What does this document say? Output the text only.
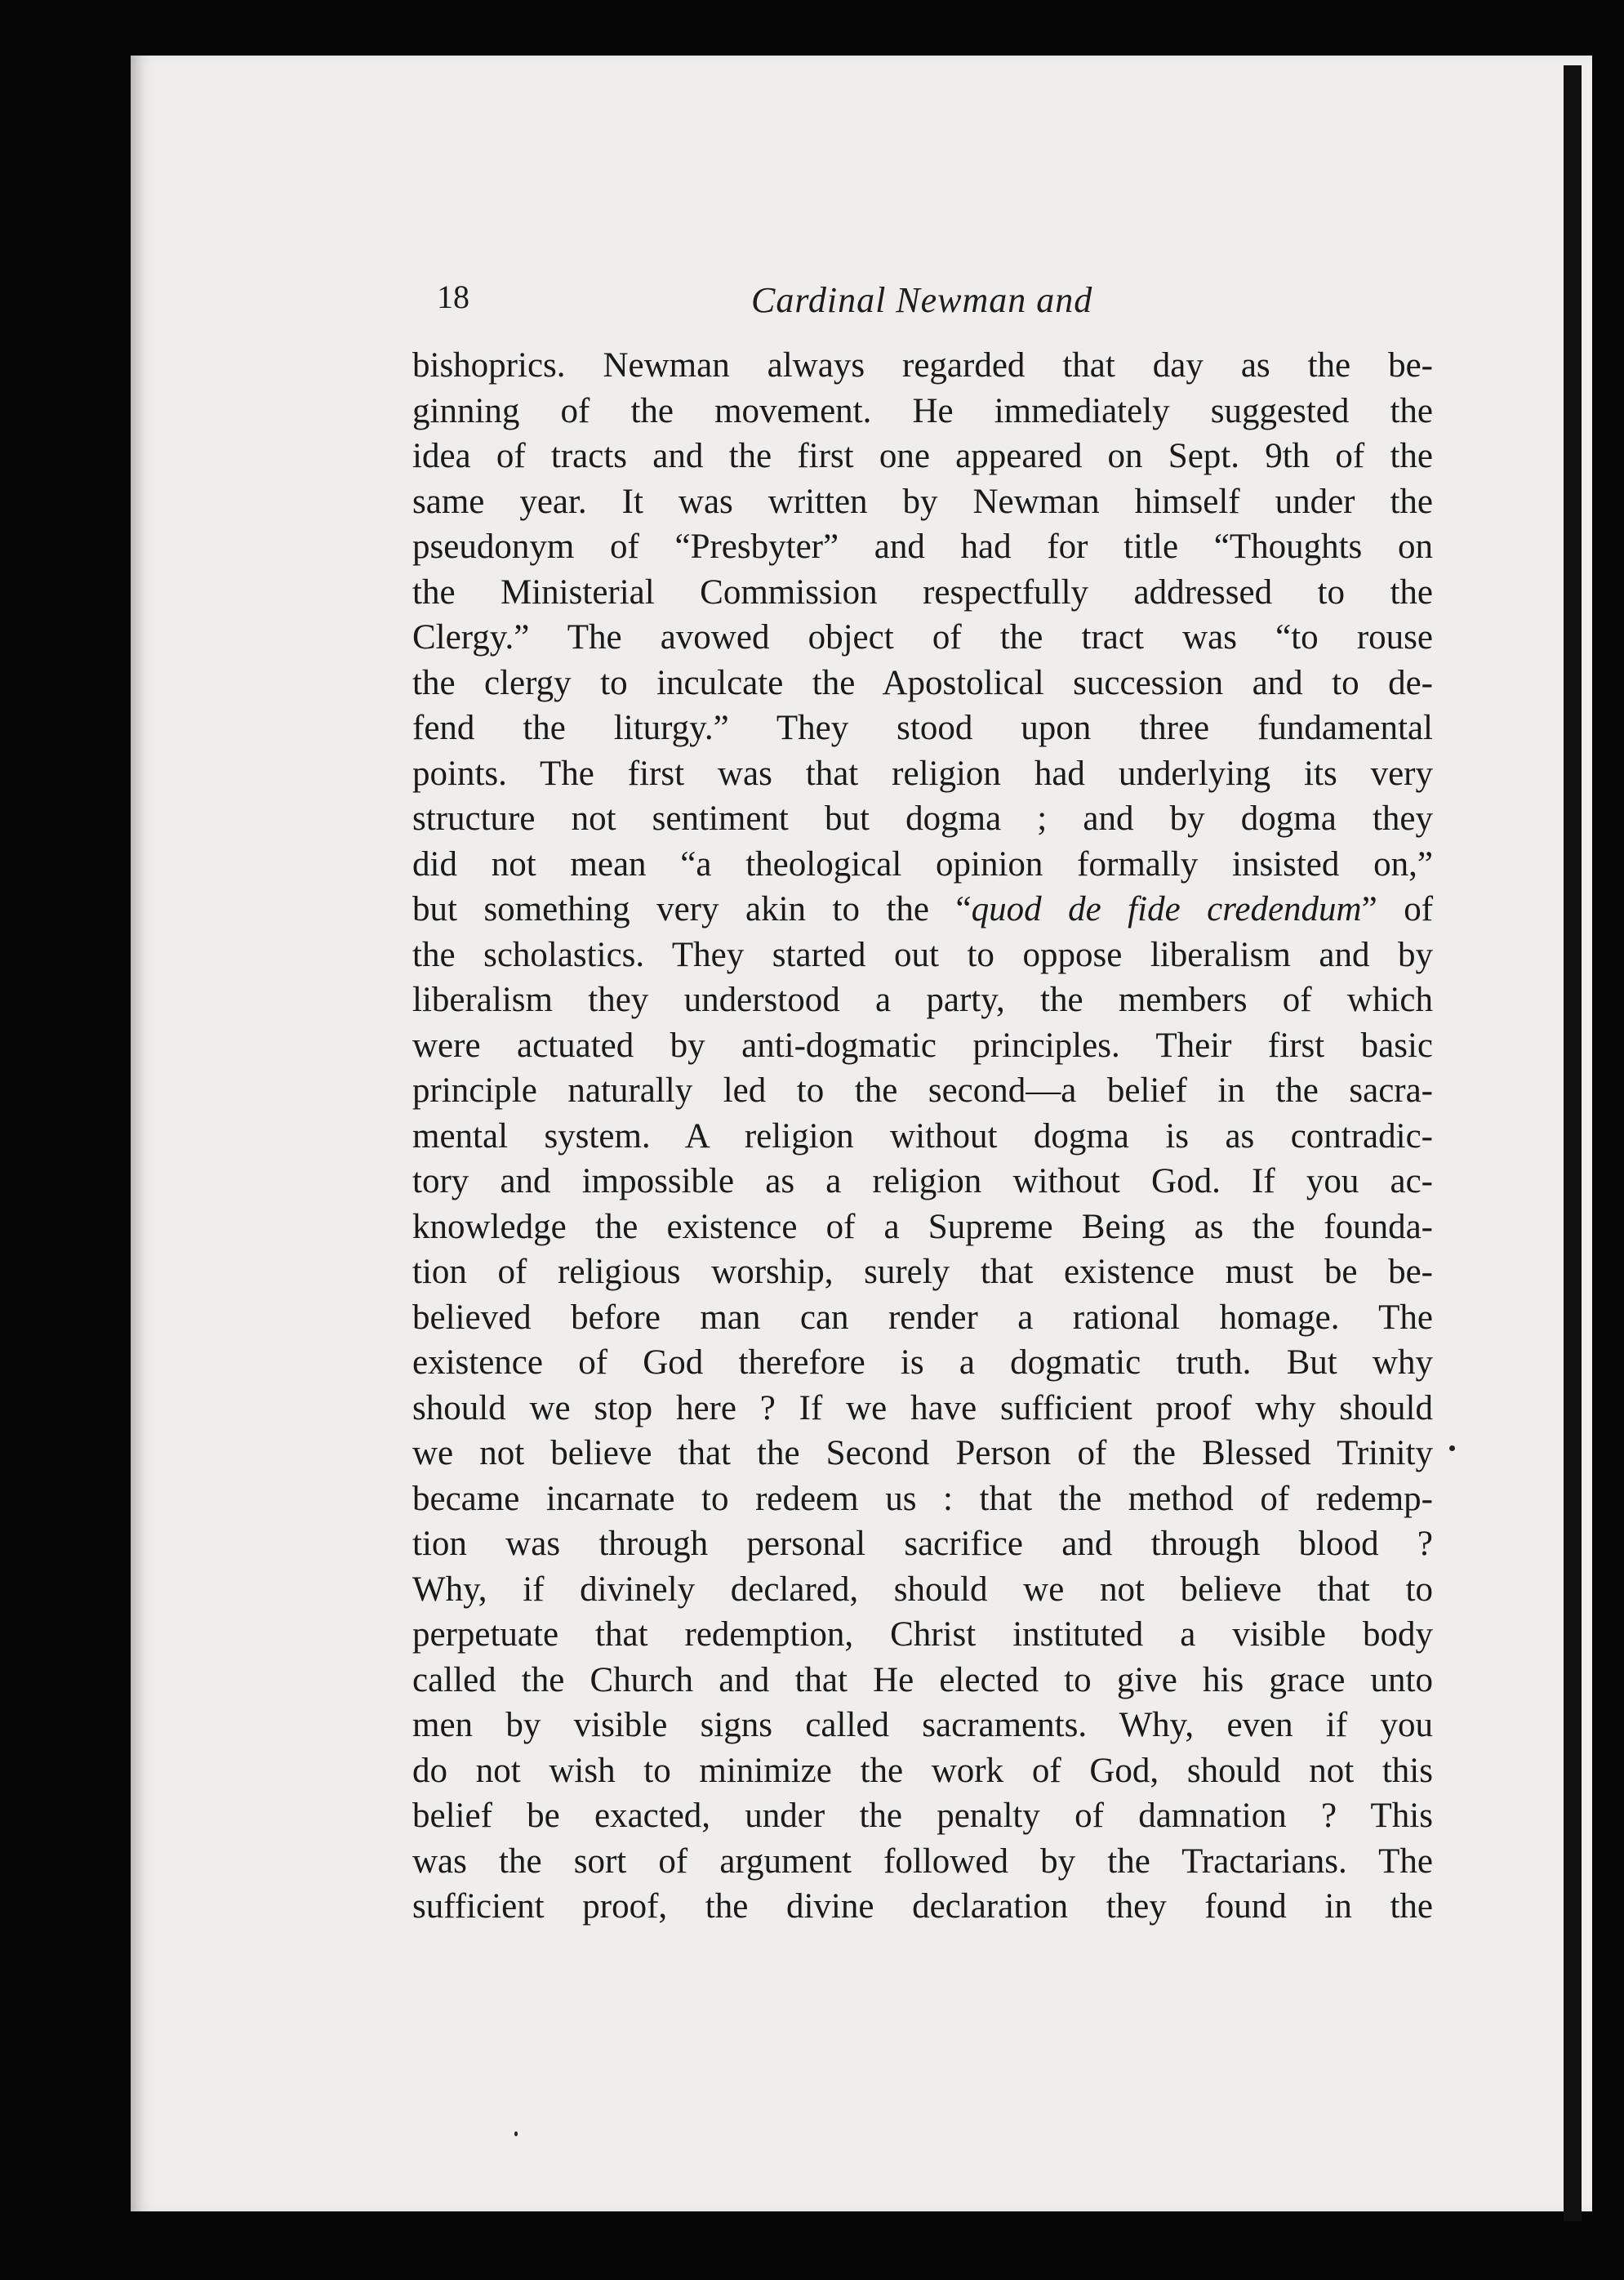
18	Cardinal Newman and
bishoprics. Newman always regarded that day as the be-
ginning of the movement. He immediately suggested the
idea of tracts and the first one appeared on Sept. 9th of the
same year. It was written by Newman himself under the
pseudonym of “Presbyter” and had for title “Thoughts on
the Ministerial Commission respectfully addressed to the
Clergy.” The avowed object of the tract was “to rouse
the clergy to inculcate the Apostolical succession and to de-
fend the liturgy.” They stood upon three fundamental
points. The first was that religion had underlying its very
structure not sentiment but dogma ; and by dogma they
did not mean “a theological opinion formally insisted on,”
but something very akin to the “quod de fide credendum” of
the scholastics. They started out to oppose liberalism and by
liberalism they understood a party, the members of which
were actuated by anti-dogmatic principles. Their first basic
principle naturally led to the second—a belief in the sacra-
mental system. A religion without dogma is as contradic-
tory and impossible as a religion without God. If you ac-
knowledge the existence of a Supreme Being as the founda-
tion of religious worship, surely that existence must be be-
believed before man can render a rational homage. The
existence of God therefore is a dogmatic truth. But why
should we stop here ? If we have sufficient proof why should
we not believe that the Second Person of the Blessed Trinity
became incarnate to redeem us : that the method of redemp-
tion was through personal sacrifice and through blood ?
Why, if divinely declared, should we not believe that to
perpetuate that redemption, Christ instituted a visible body
called the Church and that He elected to give his grace unto
men by visible signs called sacraments. Why, even if you
do not wish to minimize the work of God, should not this
belief be exacted, under the penalty of damnation ? This
was the sort of argument followed by the Tractarians. The
sufficient proof, the divine declaration they found in the
